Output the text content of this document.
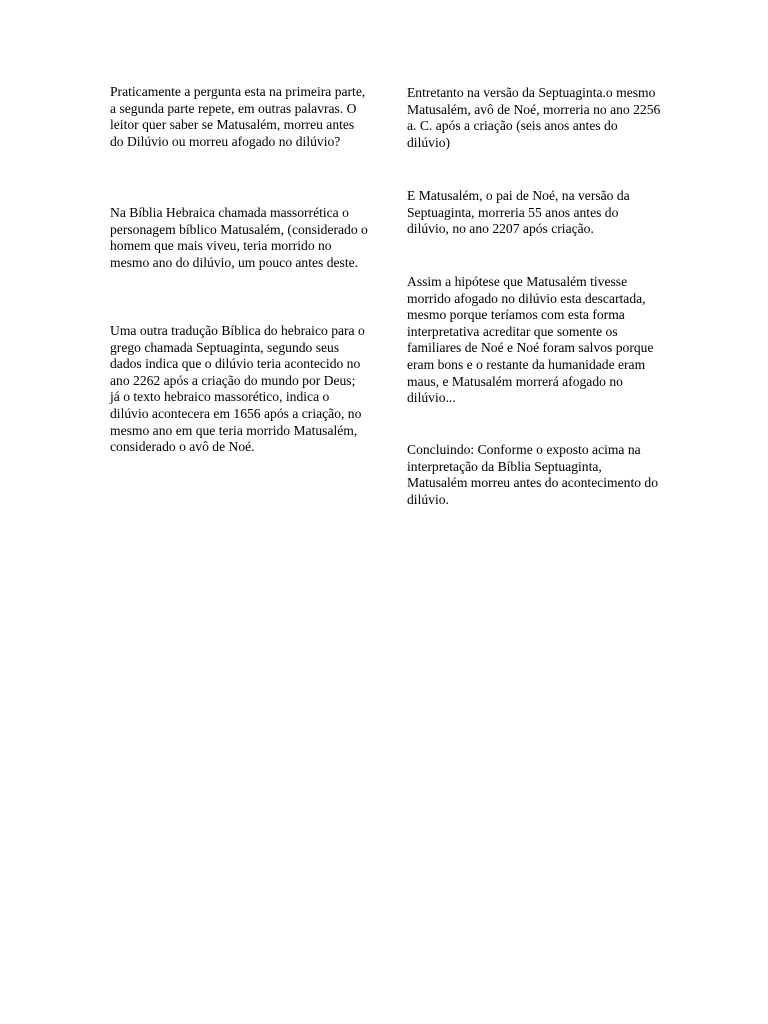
Praticamente a pergunta esta na primeira parte, a segunda parte repete, em outras palavras. O leitor quer saber se Matusalém, morreu antes do Dilúvio ou morreu afogado no dilúvio?

Na Bíblia Hebraica chamada massorrética o personagem bíblico Matusalém, (considerado o homem que mais viveu, teria morrido no mesmo ano do dilúvio, um pouco antes deste.

Uma outra tradução Bíblica do hebraico para o grego chamada Septuaginta, segundo seus dados indica que o dilúvio teria acontecido no ano 2262 após a criação do mundo por Deus; já o texto hebraico massorético, indica o dilúvio acontecera em 1656 após a criação, no mesmo ano em que teria morrido Matusalém, considerado o avô de Noé.

Entretanto na versão da Septuaginta.o mesmo Matusalém, avô de Noé, morreria no ano 2256 a. C. após a criação (seis anos antes do dilúvio)

E Matusalém, o pai de Noé, na versão da Septuaginta, morreria 55 anos antes do dilúvio, no ano 2207 após criação.

Assim a hipótese que Matusalém tivesse morrido afogado no dilúvio esta descartada, mesmo porque teríamos com esta forma interpretativa acreditar que somente os familiares de Noé e Noé foram salvos porque eram bons e o restante da humanidade eram maus, e Matusalém morrerá afogado no dilúvio...

Concluindo: Conforme o exposto acima na interpretação da Bíblia Septuaginta, Matusalém morreu antes do acontecimento do dilúvio.
